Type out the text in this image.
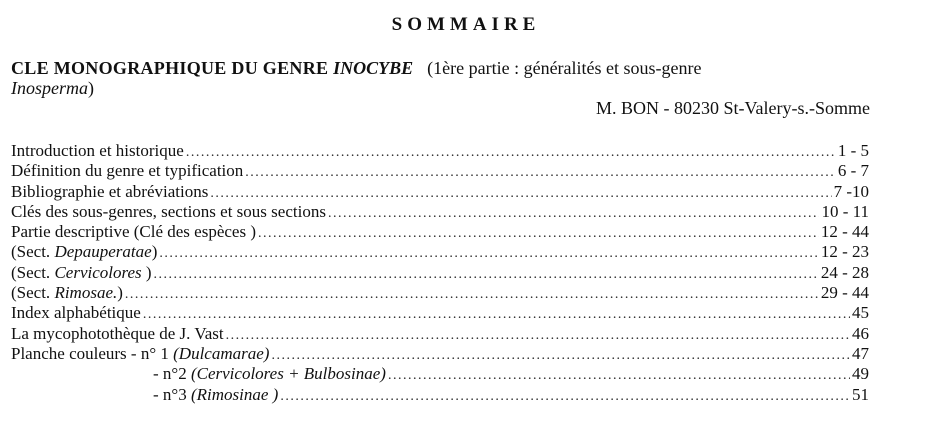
SOMMAIRE
CLE MONOGRAPHIQUE DU GENRE INOCYBE (1ère partie : généralités et sous-genre
Inosperma)
M. BON - 80230 St-Valery-s.-Somme
Introduction et historique .....	1 - 5
Définition du genre et typification .....	6 - 7
Bibliographie et abréviations .....	7 -10
Clés des sous-genres, sections et sous sections .....	10 - 11
Partie descriptive (Clé des espèces ) .....	12 - 44
(Sect. Depauperatae) .....	12 - 23
(Sect. Cervicolores ) .....	24 - 28
(Sect. Rimosae.) .....	29 - 44
Index alphabétique .....	45
La mycophotothèque de J. Vast .....	46
Planche couleurs - n° 1 (Dulcamarae) .....	47
- n°2 (Cervicolores + Bulbosinae) .....	49
- n°3 (Rimosinae ) .....	51
